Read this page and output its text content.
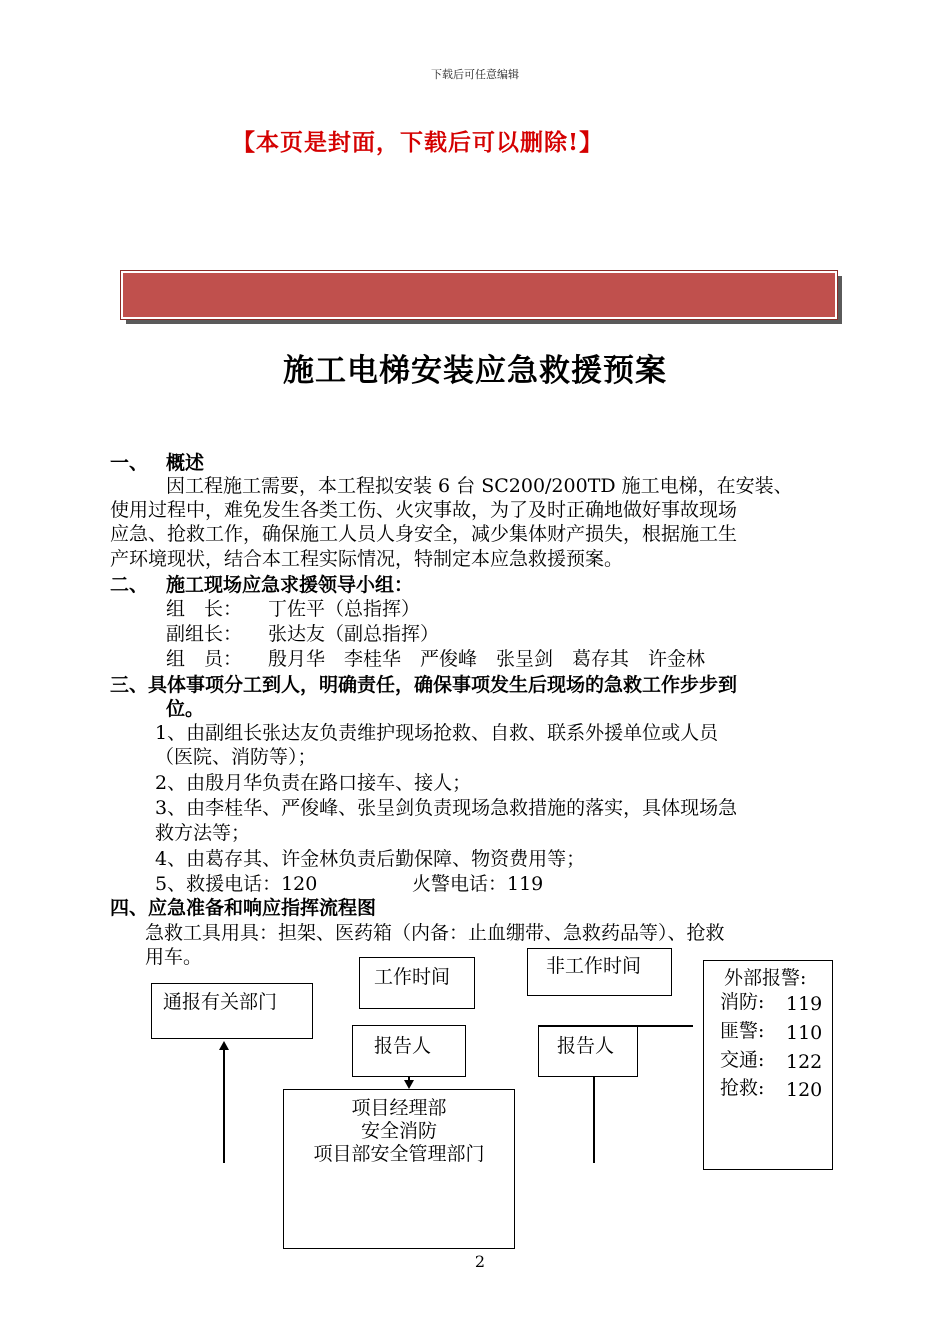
下载后可任意编辑
【本页是封面，下载后可以删除!】
施工电梯安装应急救援预案
一、 概述
因工程施工需要，本工程拟安装 6 台 SC200/200TD 施工电梯，在安装、
使用过程中，难免发生各类工伤、火灾事故，为了及时正确地做好事故现场
应急、抢救工作，确保施工人员人身安全，减少集体财产损失，根据施工生
产环境现状，结合本工程实际情况，特制定本应急救援预案。
二、 施工现场应急求援领导小组：
组　长： 丁佐平（总指挥）
副组长： 张达友（副总指挥）
组　员： 殷月华　李桂华　严俊峰　张呈剑　葛存其　许金林
三、具体事项分工到人，明确责任，确保事项发生后现场的急救工作步步到
位。
1、由副组长张达友负责维护现场抢救、自救、联系外援单位或人员
（医院、消防等）；
2、由殷月华负责在路口接车、接人；
3、由李桂华、严俊峰、张呈剑负责现场急救措施的落实，具体现场急
救方法等；
4、由葛存其、许金林负责后勤保障、物资费用等；
5、救援电话：120	火警电话：119
四、应急准备和响应指挥流程图
急救工具用具：担架、医药箱（内备：止血绷带、急救药品等）、抢救
用车。
通报有关部门
工作时间	非工作时间
报告人	报告人
项目经理部
安全消防
项目部安全管理部门
外部报警:
消防: 119
匪警: 110
交通: 122
抢救: 120
2
